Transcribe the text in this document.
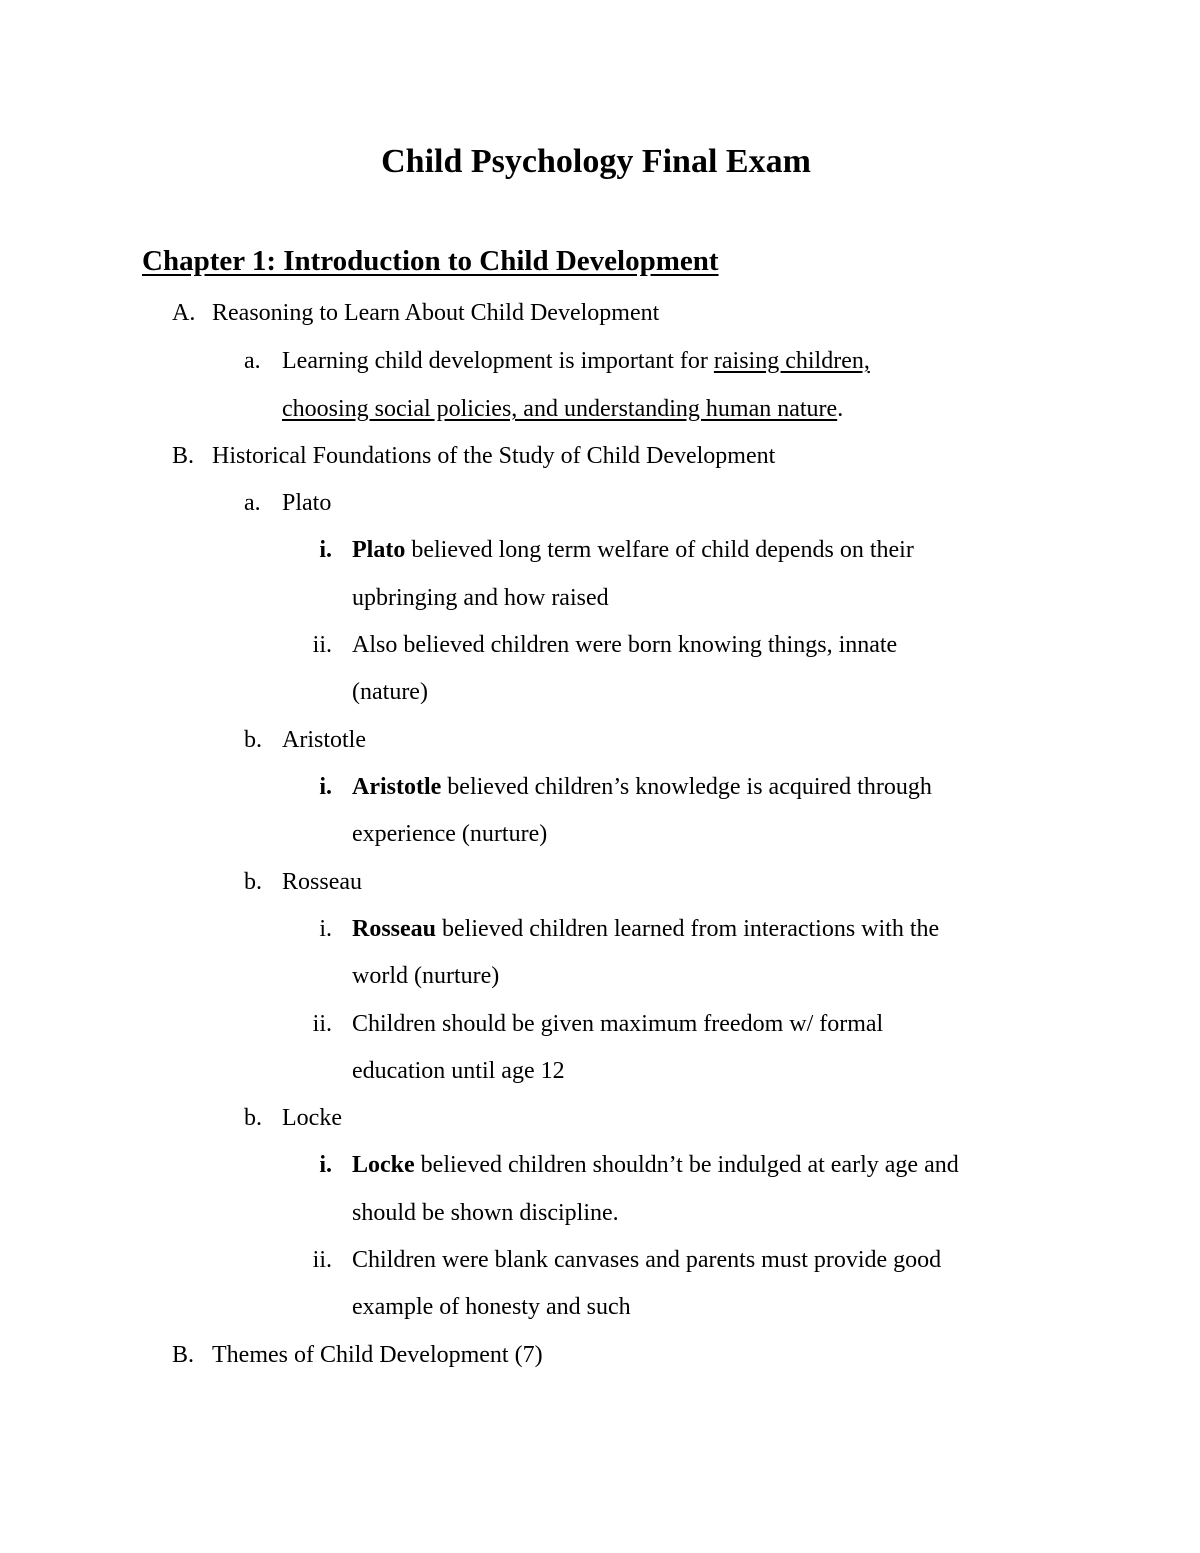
Child Psychology Final Exam
Chapter 1: Introduction to Child Development
A. Reasoning to Learn About Child Development
a. Learning child development is important for raising children,
choosing social policies, and understanding human nature.
B. Historical Foundations of the Study of Child Development
a. Plato
i. Plato believed long term welfare of child depends on their
upbringing and how raised
ii. Also believed children were born knowing things, innate
(nature)
b. Aristotle
i. Aristotle believed children’s knowledge is acquired through
experience (nurture)
b. Rosseau
i. Rosseau believed children learned from interactions with the
world (nurture)
ii. Children should be given maximum freedom w/ formal
education until age 12
b. Locke
i. Locke believed children shouldn’t be indulged at early age and
should be shown discipline.
ii. Children were blank canvases and parents must provide good
example of honesty and such
B. Themes of Child Development (7)
